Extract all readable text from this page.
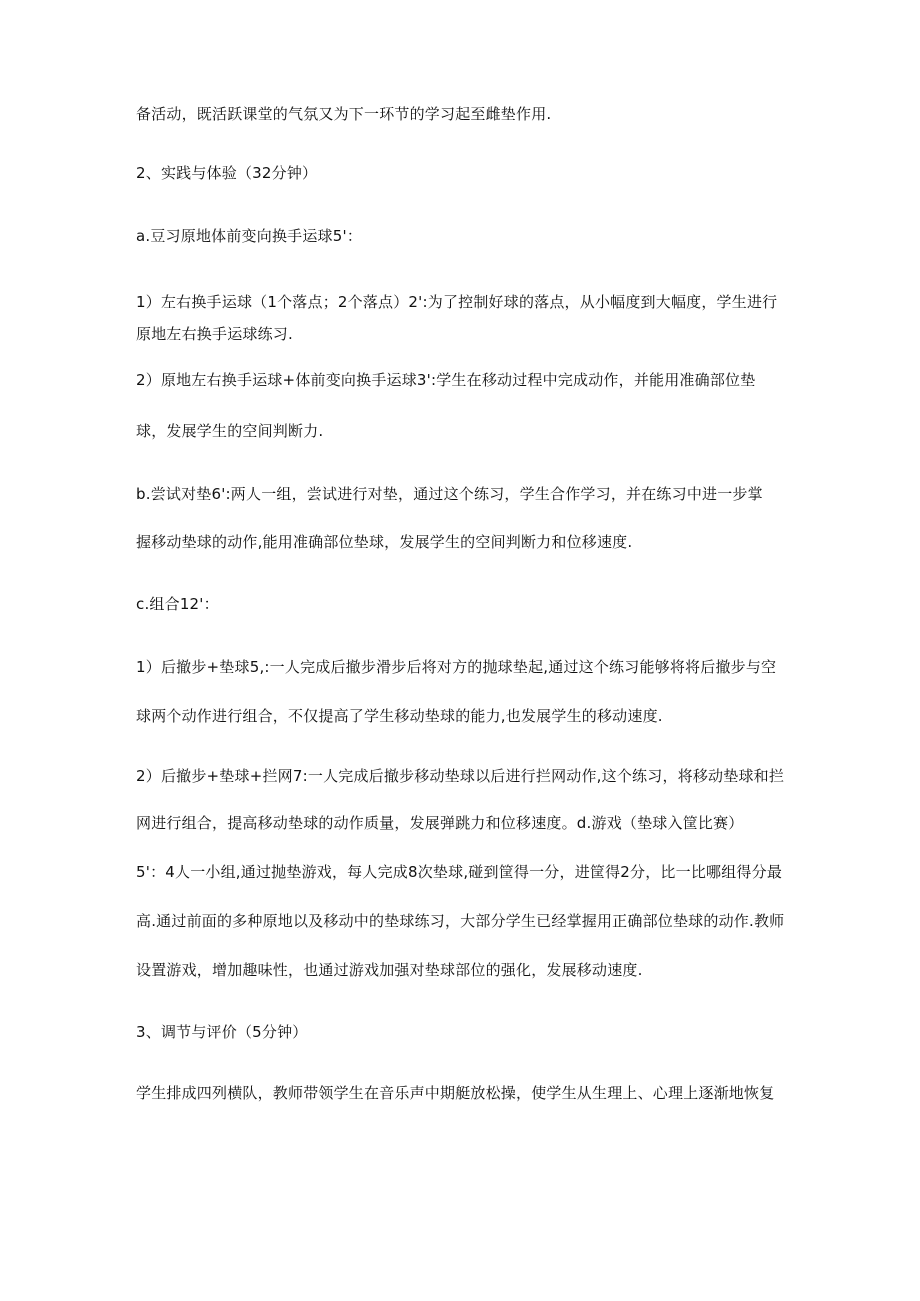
备活动，既活跃课堂的气氛又为下一环节的学习起至雌垫作用.
2、实践与体验（32分钟）
a.豆习原地体前变向换手运球5'：
1）左右换手运球（1个落点；2个落点）2':为了控制好球的落点，从小幅度到大幅度，学生进行
原地左右换手运球练习.
2）原地左右换手运球+体前变向换手运球3':学生在移动过程中完成动作，并能用准确部位垫
球，发展学生的空间判断力.
b.尝试对垫6':两人一组，尝试进行对垫，通过这个练习，学生合作学习，并在练习中进一步掌
握移动垫球的动作,能用准确部位垫球，发展学生的空间判断力和位移速度.
c.组合12'：
1）后撤步+垫球5,:一人完成后撤步滑步后将对方的抛球垫起,通过这个练习能够将将后撤步与空
球两个动作进行组合，不仅提高了学生移动垫球的能力,也发展学生的移动速度.
2）后撤步+垫球+拦网7:一人完成后撤步移动垫球以后进行拦网动作,这个练习，将移动垫球和拦
网进行组合，提高移动垫球的动作质量，发展弹跳力和位移速度。d.游戏（垫球入筐比赛）
5'：4人一小组,通过抛垫游戏，每人完成8次垫球,碰到筐得一分，进筐得2分，比一比哪组得分最
高.通过前面的多种原地以及移动中的垫球练习，大部分学生已经掌握用正确部位垫球的动作.教师
设置游戏，增加趣味性，也通过游戏加强对垫球部位的强化，发展移动速度.
3、调节与评价（5分钟）
学生排成四列横队，教师带领学生在音乐声中期艇放松操，使学生从生理上、心理上逐渐地恢复
